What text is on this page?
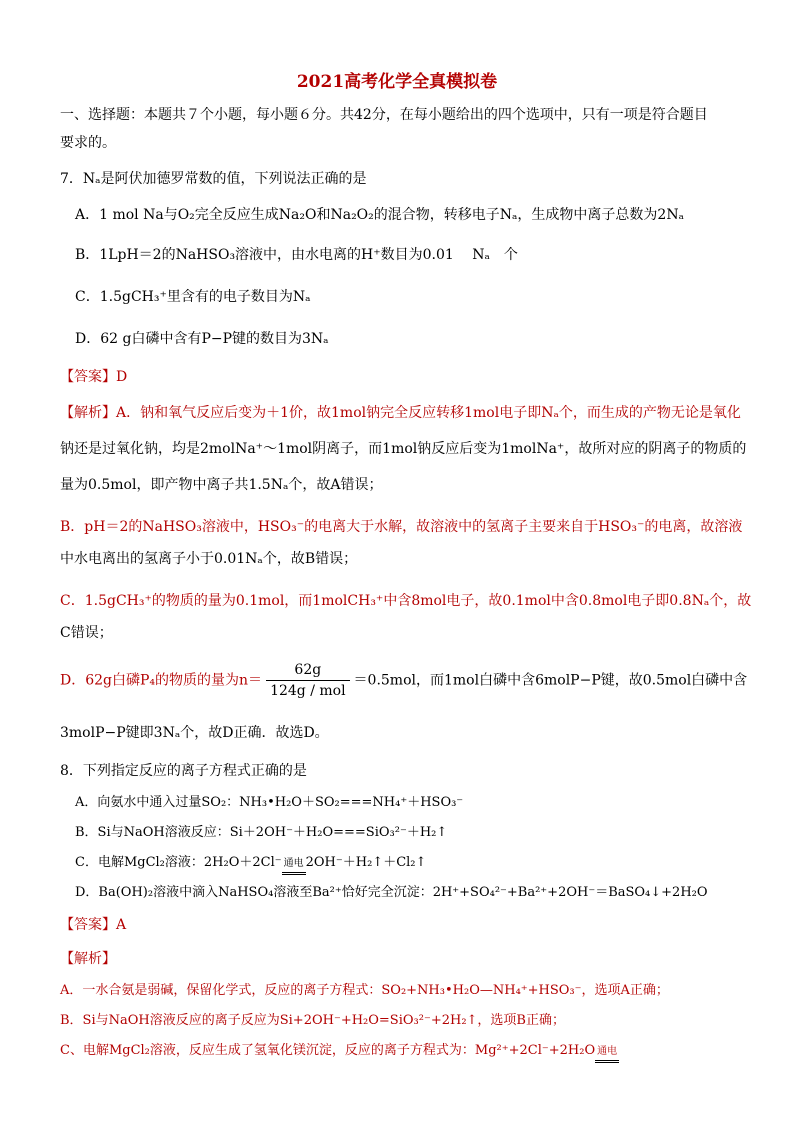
2021高考化学全真模拟卷
一、选择题：本题共７个小题，每小题６分。共42分，在每小题给出的四个选项中，只有一项是符合题目
要求的。
7．Nₐ是阿伏加德罗常数的值，下列说法正确的是
A．1 mol Na与O₂完全反应生成Na₂O和Na₂O₂的混合物，转移电子Nₐ，生成物中离子总数为2Nₐ
B．1LpH＝2的NaHSO₃溶液中，由水电离的H⁺数目为0.01　 Nₐ　个
C．1.5gCH₃⁺里含有的电子数目为Nₐ
D．62 g白磷中含有P−P键的数目为3Nₐ
【答案】D
【解析】A．钠和氧气反应后变为＋1价，故1mol钠完全反应转移1mol电子即Nₐ个，而生成的产物无论是氧化
钠还是过氧化钠，均是2molNa⁺～1mol阴离子，而1mol钠反应后变为1molNa⁺，故所对应的阴离子的物质的
量为0.5mol，即产物中离子共1.5Nₐ个，故A错误；
B．pH＝2的NaHSO₃溶液中，HSO₃⁻的电离大于水解，故溶液中的氢离子主要来自于HSO₃⁻的电离，故溶液
中水电离出的氢离子小于0.01Nₐ个，故B错误；
C．1.5gCH₃⁺的物质的量为0.1mol，而1molCH₃⁺中含8mol电子，故0.1mol中含0.8mol电子即0.8Nₐ个，故
C错误；
D．62g白磷P₄的物质的量为$n= \frac{62g}{\text{124g / mol}} =0.5mol$，而1mol白磷中含6molP−P键，故0.5mol白磷中含
3molP−P键即3Nₐ个，故D正确．故选D。
8．下列指定反应的离子方程式正确的是
A．向氨水中通入过量SO₂：NH₃•H₂O＋SO₂===NH₄⁺＋HSO₃⁻
B．Si与NaOH溶液反应：Si＋2OH⁻＋H₂O===SiO₃²⁻＋H₂↑
C．电解MgCl₂溶液：2H₂O＋2Cl⁻ 通电 2OH⁻＋H₂↑＋Cl₂↑
D．Ba(OH)₂溶液中滴入NaHSO₄溶液至Ba²⁺恰好完全沉淀：2H⁺+SO₄²⁻+Ba²⁺+2OH⁻＝BaSO₄↓+2H₂O
【答案】A
【解析】
A．一水合氨是弱碱，保留化学式，反应的离子方程式：SO₂+NH₃•H₂O—NH₄⁺+HSO₃⁻，选项A正确；
B．Si与NaOH溶液反应的离子反应为Si+2OH⁻+H₂O=SiO₃²⁻+2H₂↑，选项B正确；
C、电解MgCl₂溶液，反应生成了氢氧化镁沉淀，反应的离子方程式为：Mg²⁺+2Cl⁻+2H₂O 通电
